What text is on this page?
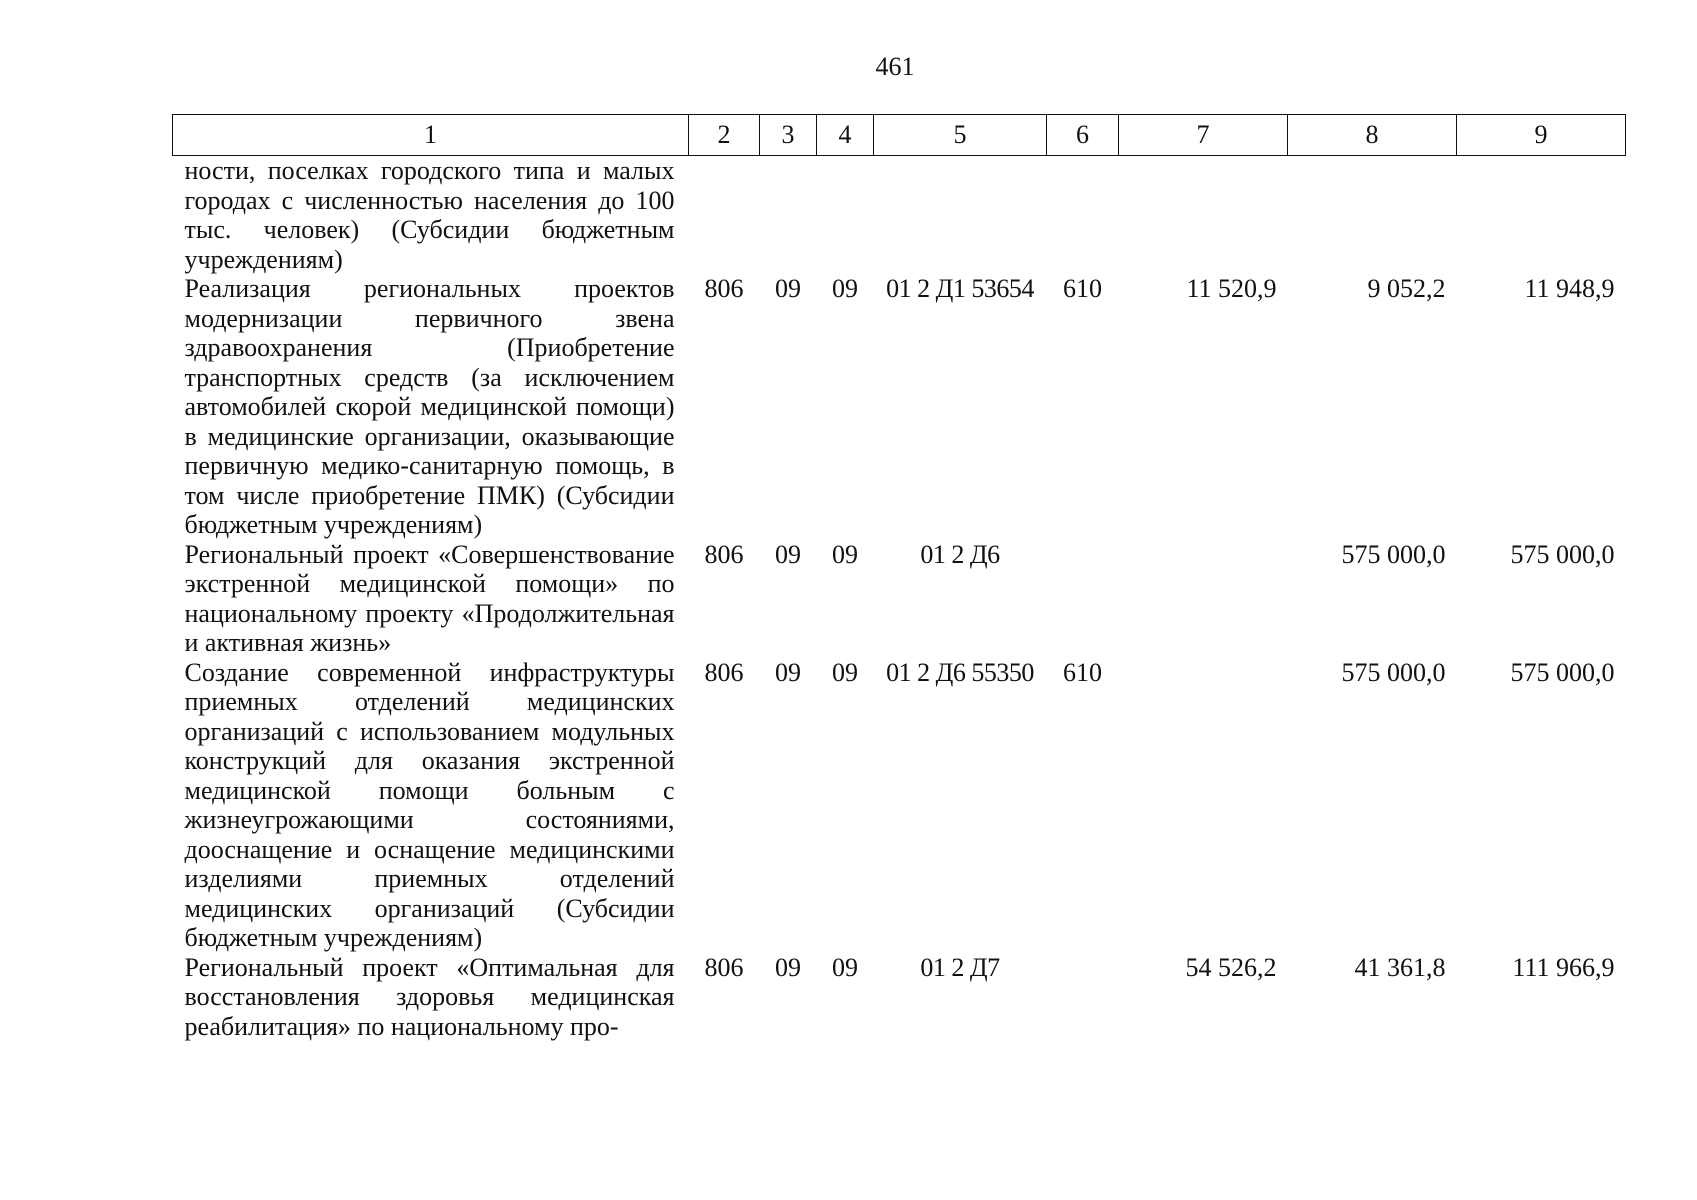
461
1	2	3	4	5	6	7	8	9
ности, поселках городского типа и малых городах с численностью населения до 100 тыс. человек) (Субсидии бюджетным учреждениям)								
Реализация региональных проектов модернизации первичного звена здравоохранения (Приобретение транспортных средств (за исключением автомобилей скорой медицинской помощи) в медицинские организации, оказывающие первичную медико-санитарную помощь, в том числе приобретение ПМК) (Субсидии бюджетным учреждениям)	806	09	09	01 2 Д1 53654	610	11 520,9	9 052,2	11 948,9
Региональный проект «Совершенствование экстренной медицинской помощи» по национальному проекту «Продолжительная и активная жизнь»	806	09	09	01 2 Д6			575 000,0	575 000,0
Создание современной инфраструктуры приемных отделений медицинских организаций с использованием модульных конструкций для оказания экстренной медицинской помощи больным с жизнеугрожающими состояниями, дооснащение и оснащение медицинскими изделиями приемных отделений медицинских организаций (Субсидии бюджетным учреждениям)	806	09	09	01 2 Д6 55350	610		575 000,0	575 000,0
Региональный проект «Оптимальная для восстановления здоровья медицинская реабилитация» по национальному про-	806	09	09	01 2 Д7		54 526,2	41 361,8	111 966,9
